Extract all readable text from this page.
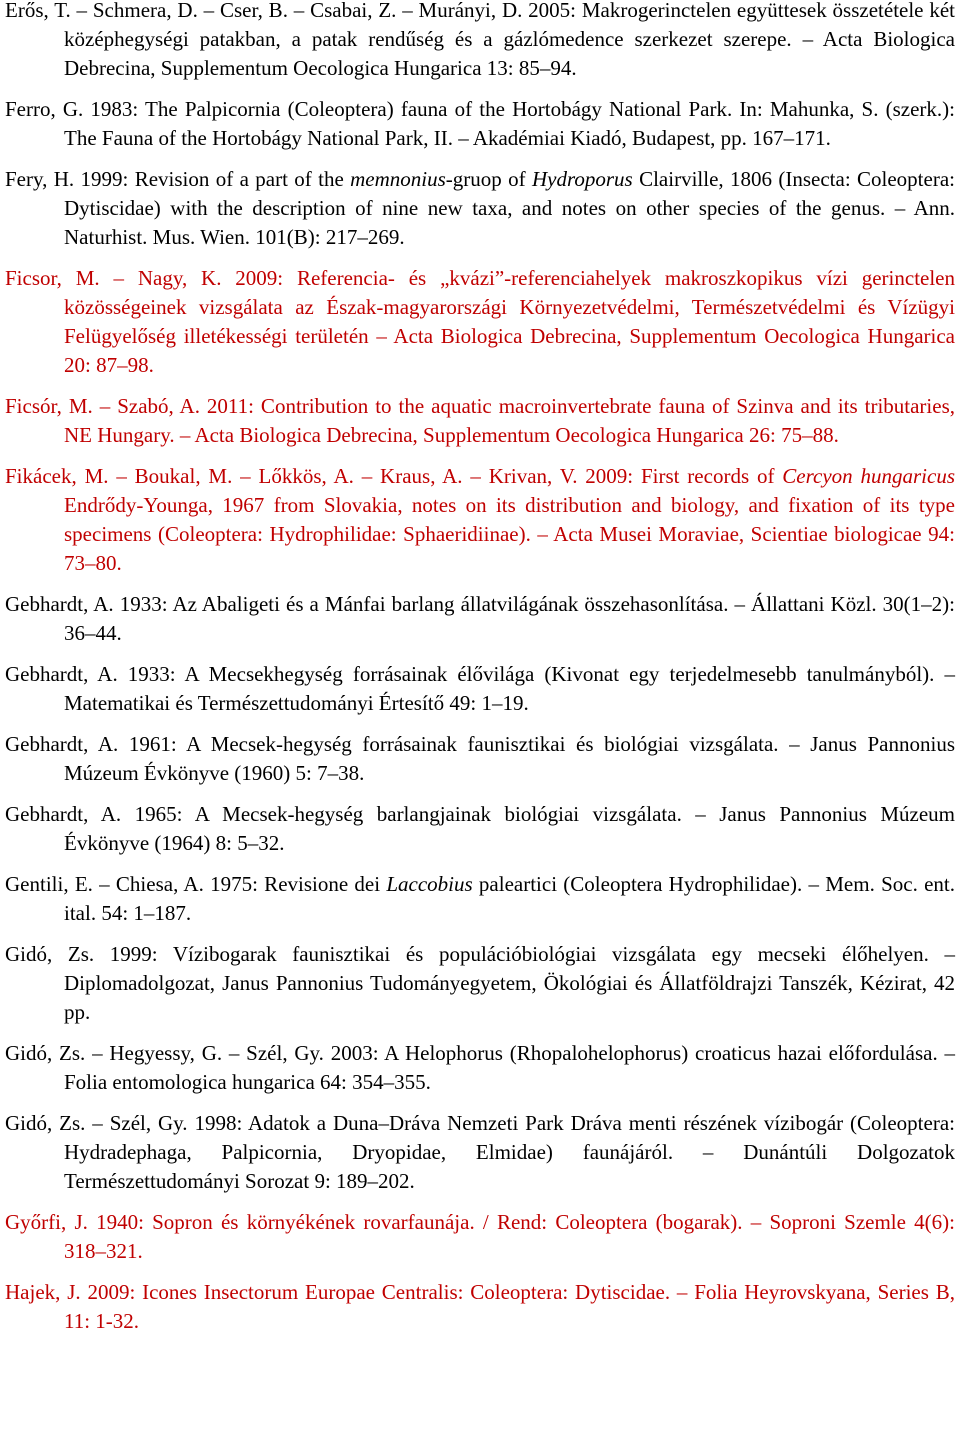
Erős, T. – Schmera, D. – Cser, B. – Csabai, Z. – Murányi, D. 2005: Makrogerinctelen együttesek összetétele két középhegységi patakban, a patak rendűség és a gázlómedence szerkezet szerepe. – Acta Biologica Debrecina, Supplementum Oecologica Hungarica 13: 85–94.

Ferro, G. 1983: The Palpicornia (Coleoptera) fauna of the Hortobágy National Park. In: Mahunka, S. (szerk.): The Fauna of the Hortobágy National Park, II. – Akadémiai Kiadó, Budapest, pp. 167–171.

Fery, H. 1999: Revision of a part of the memnonius-gruop of Hydroporus Clairville, 1806 (Insecta: Coleoptera: Dytiscidae) with the description of nine new taxa, and notes on other species of the genus. – Ann. Naturhist. Mus. Wien. 101(B): 217–269.

Ficsor, M. – Nagy, K. 2009: Referencia- és „kvázi”-referenciahelyek makroszkopikus vízi gerinctelen közösségeinek vizsgálata az Észak-magyarországi Környezetvédelmi, Természetvédelmi és Vízügyi Felügyelőség illetékességi területén – Acta Biologica Debrecina, Supplementum Oecologica Hungarica 20: 87–98.

Ficsór, M. – Szabó, A. 2011: Contribution to the aquatic macroinvertebrate fauna of Szinva and its tributaries, NE Hungary. – Acta Biologica Debrecina, Supplementum Oecologica Hungarica 26: 75–88.

Fikácek, M. – Boukal, M. – Lőkkös, A. – Kraus, A. – Krivan, V. 2009: First records of Cercyon hungaricus Endrődy-Younga, 1967 from Slovakia, notes on its distribution and biology, and fixation of its type specimens (Coleoptera: Hydrophilidae: Sphaeridiinae). – Acta Musei Moraviae, Scientiae biologicae 94: 73–80.

Gebhardt, A. 1933: Az Abaligeti és a Mánfai barlang állatvilágának összehasonlítása. – Állattani Közl. 30(1–2): 36–44.

Gebhardt, A. 1933: A Mecsekhegység forrásainak élővilága (Kivonat egy terjedelmesebb tanulmányból). – Matematikai és Természettudományi Értesítő 49: 1–19.

Gebhardt, A. 1961: A Mecsek-hegység forrásainak faunisztikai és biológiai vizsgálata. – Janus Pannonius Múzeum Évkönyve (1960) 5: 7–38.

Gebhardt, A. 1965: A Mecsek-hegység barlangjainak biológiai vizsgálata. – Janus Pannonius Múzeum Évkönyve (1964) 8: 5–32.

Gentili, E. – Chiesa, A. 1975: Revisione dei Laccobius paleartici (Coleoptera Hydrophilidae). – Mem. Soc. ent. ital. 54: 1–187.

Gidó, Zs. 1999: Vízibogarak faunisztikai és populációbiológiai vizsgálata egy mecseki élőhelyen. – Diplomadolgozat, Janus Pannonius Tudományegyetem, Ökológiai és Állatföldrajzi Tanszék, Kézirat, 42 pp.

Gidó, Zs. – Hegyessy, G. – Szél, Gy. 2003: A Helophorus (Rhopalohelophorus) croaticus hazai előfordulása. – Folia entomologica hungarica 64: 354–355.

Gidó, Zs. – Szél, Gy. 1998: Adatok a Duna–Dráva Nemzeti Park Dráva menti részének vízibogár (Coleoptera: Hydradephaga, Palpicornia, Dryopidae, Elmidae) faunájáról. – Dunántúli Dolgozatok Természettudományi Sorozat 9: 189–202.

Győrfi, J. 1940: Sopron és környékének rovarfaunája. / Rend: Coleoptera (bogarak). – Soproni Szemle 4(6): 318–321.

Hajek, J. 2009: Icones Insectorum Europae Centralis: Coleoptera: Dytiscidae. – Folia Heyrovskyana, Series B, 11: 1-32.
